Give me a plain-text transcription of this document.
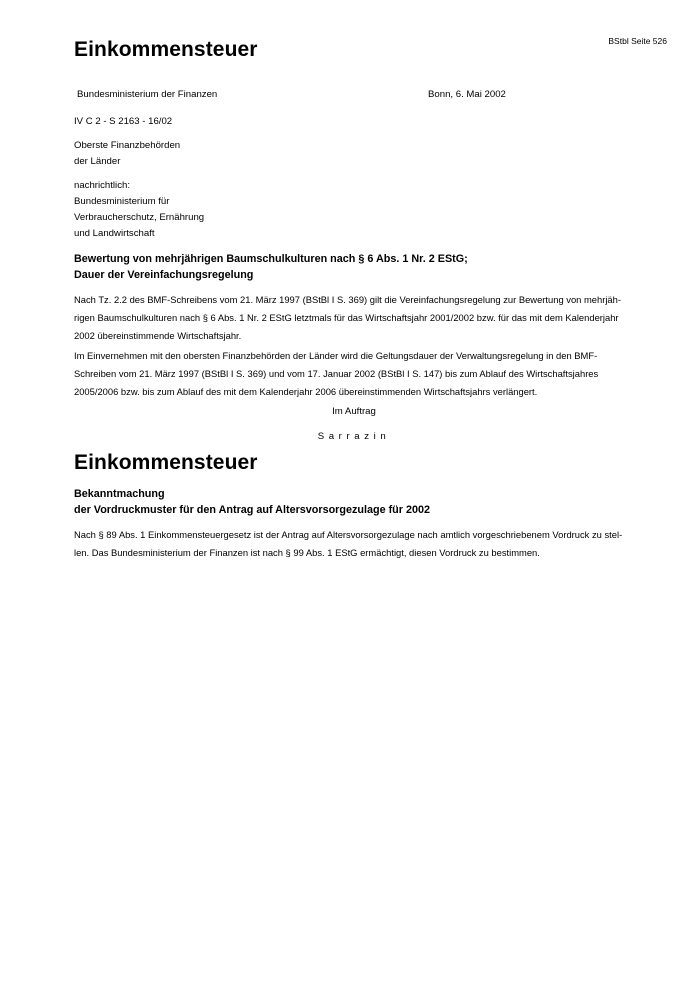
BStbl Seite 526
Einkommensteuer
Bundesministerium der Finanzen	Bonn, 6. Mai 2002
IV C 2 - S 2163 - 16/02
Oberste Finanzbehörden
der Länder
nachrichtlich:
Bundesministerium für
Verbraucherschutz, Ernährung
und Landwirtschaft
Bewertung von mehrjährigen Baumschulkulturen nach § 6 Abs. 1 Nr. 2 EStG;
Dauer der Vereinfachungsregelung
Nach Tz. 2.2 des BMF-Schreibens vom 21. März 1997 (BStBl I S. 369) gilt die Vereinfachungsregelung zur Bewertung von mehrjäh-
rigen Baumschulkulturen nach § 6 Abs. 1 Nr. 2 EStG letztmals für das Wirtschaftsjahr 2001/2002 bzw. für das mit dem Kalenderjahr
2002 übereinstimmende Wirtschaftsjahr.
Im Einvernehmen mit den obersten Finanzbehörden der Länder wird die Geltungsdauer der Verwaltungsregelung in den BMF-
Schreiben vom 21. März 1997 (BStBl I S. 369) und vom 17. Januar 2002 (BStBl I S. 147) bis zum Ablauf des Wirtschaftsjahres
2005/2006 bzw. bis zum Ablauf des mit dem Kalenderjahr 2006 übereinstimmenden Wirtschaftsjahrs verlängert.
Im Auftrag
Sarrazin
Einkommensteuer
Bekanntmachung
der Vordruckmuster für den Antrag auf Altersvorsorgezulage für 2002
Nach § 89 Abs. 1 Einkommensteuergesetz ist der Antrag auf Altersvorsorgezulage nach amtlich vorgeschriebenem Vordruck zu stel-
len. Das Bundesministerium der Finanzen ist nach § 99 Abs. 1 EStG ermächtigt, diesen Vordruck zu bestimmen.
